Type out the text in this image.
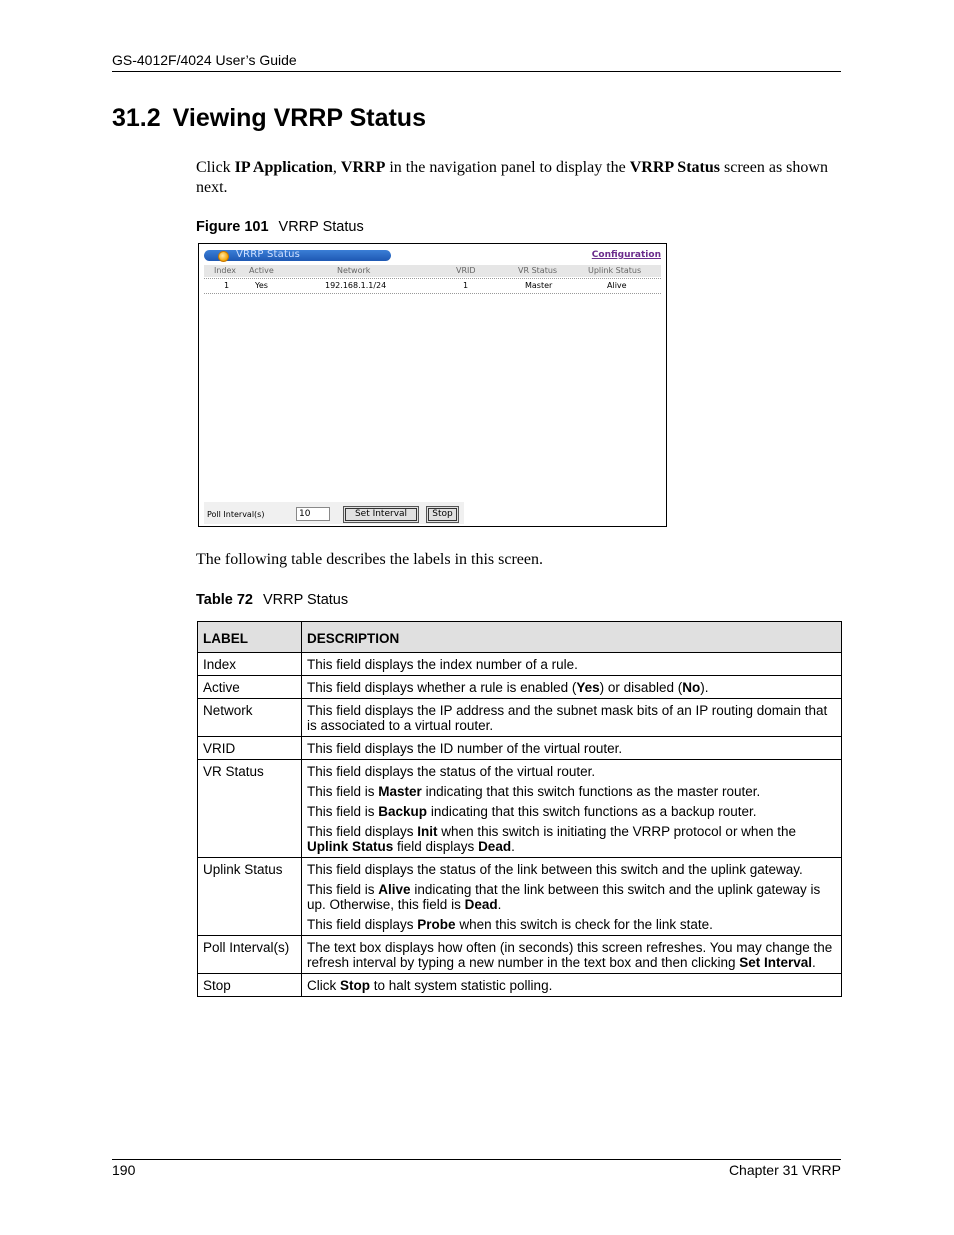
GS-4012F/4024 User’s Guide
31.2 Viewing VRRP Status
Click IP Application, VRRP in the navigation panel to display the VRRP Status screen as shown next.
Figure 101 VRRP Status
VRRP Status	Configuration
Index Active	Network	VRID	VR Status	Uplink Status
1	Yes	192.168.1.1/24	1	Master	Alive
Poll Interval(s)
10	Set Interval	Stop
The following table describes the labels in this screen.
Table 72 VRRP Status
LABEL	DESCRIPTION
Index	This field displays the index number of a rule.
Active	This field displays whether a rule is enabled (Yes) or disabled (No).
Network	This field displays the IP address and the subnet mask bits of an IP routing domain that is associated to a virtual router.
VRID	This field displays the ID number of the virtual router.
VR Status	This field displays the status of the virtual router.

This field is Master indicating that this switch functions as the master router.

This field is Backup indicating that this switch functions as a backup router.

This field displays Init when this switch is initiating the VRRP protocol or when the Uplink Status field displays Dead.

Uplink Status	This field displays the status of the link between this switch and the uplink gateway.

This field is Alive indicating that the link between this switch and the uplink gateway is up. Otherwise, this field is Dead.

This field displays Probe when this switch is check for the link state.

Poll Interval(s)	The text box displays how often (in seconds) this screen refreshes. You may change the refresh interval by typing a new number in the text box and then clicking Set Interval.
Stop	Click Stop to halt system statistic polling.
190	Chapter 31 VRRP
